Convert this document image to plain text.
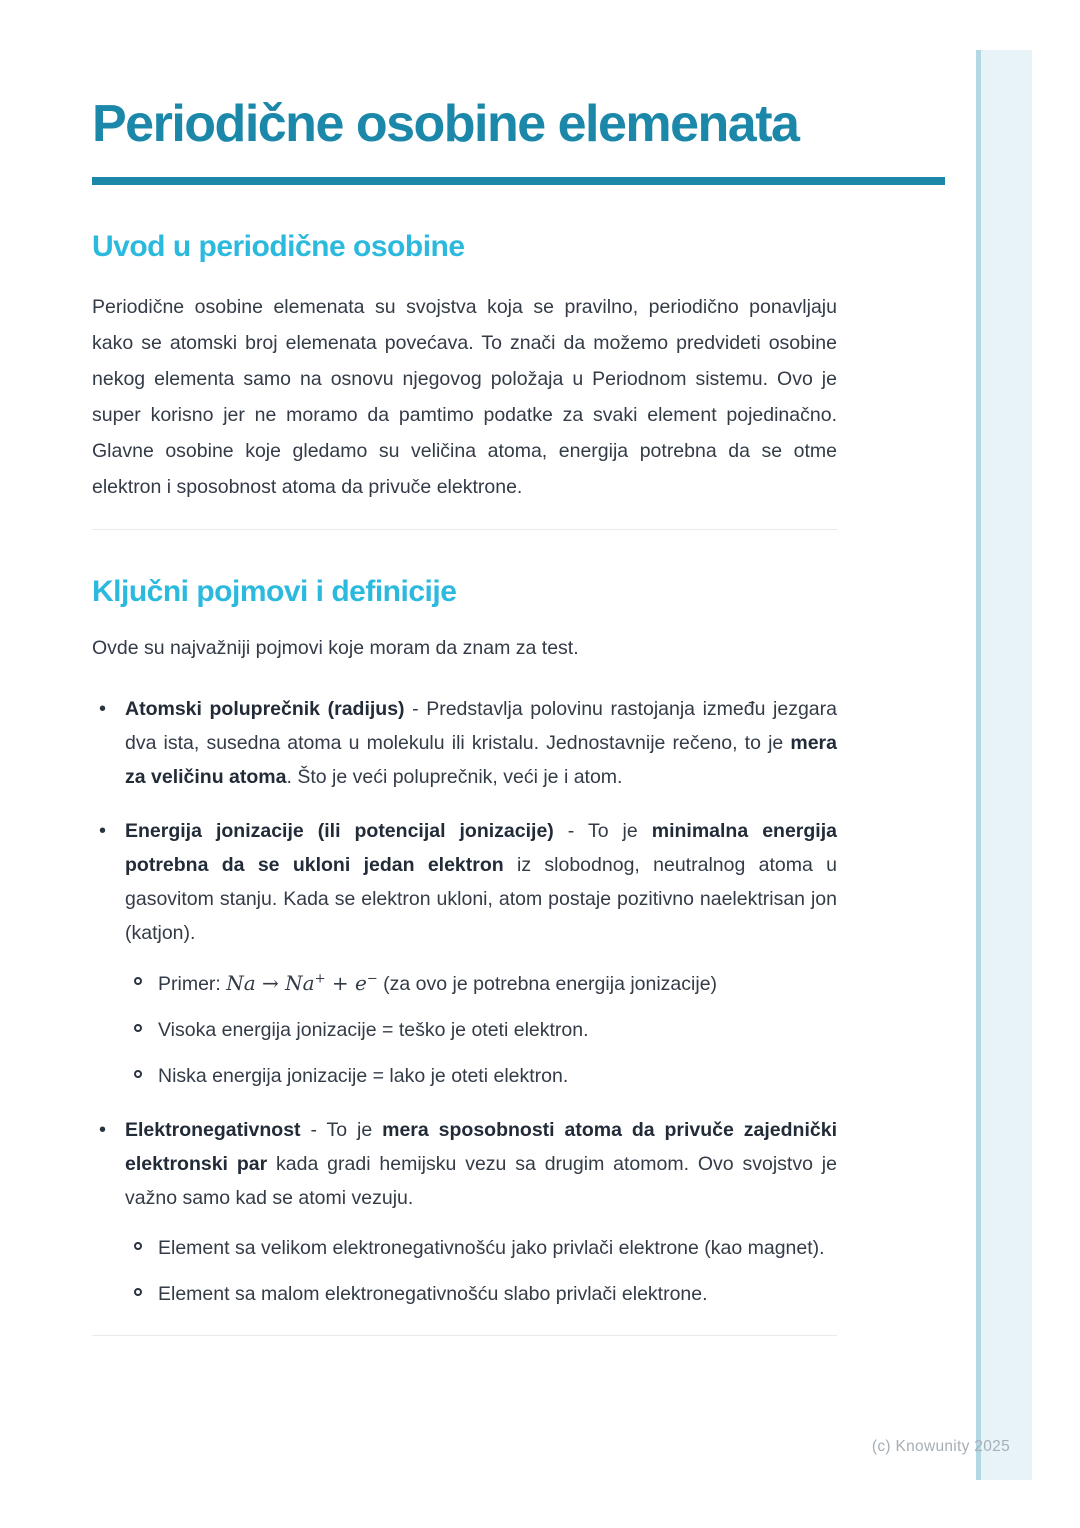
Periodične osobine elemenata
Uvod u periodične osobine

Periodične osobine elemenata su svojstva koja se pravilno, periodično ponavljaju kako se atomski broj elemenata povećava. To znači da možemo predvideti osobine nekog elementa samo na osnovu njegovog položaja u Periodnom sistemu. Ovo je super korisno jer ne moramo da pamtimo podatke za svaki element pojedinačno. Glavne osobine koje gledamo su veličina atoma, energija potrebna da se otme elektron i sposobnost atoma da privuče elektrone.

Ključni pojmovi i definicije

Ovde su najvažniji pojmovi koje moram da znam za test.

• Atomski poluprečnik (radijus) - Predstavlja polovinu rastojanja između jezgara dva ista, susedna atoma u molekulu ili kristalu. Jednostavnije rečeno, to je mera za veličinu atoma. Što je veći poluprečnik, veći je i atom.
• Energija jonizacije (ili potencijal jonizacije) - To je minimalna energija potrebna da se ukloni jedan elektron iz slobodnog, neutralnog atoma u gasovitom stanju. Kada se elektron ukloni, atom postaje pozitivno naelektrisan jon (katjon).
Primer: Na → Na+ + e− (za ovo je potrebna energija jonizacije)
Visoka energija jonizacije = teško je oteti elektron.
Niska energija jonizacije = lako je oteti elektron.
• Elektronegativnost - To je mera sposobnosti atoma da privuče zajednički elektronski par kada gradi hemijsku vezu sa drugim atomom. Ovo svojstvo je važno samo kad se atomi vezuju.
Element sa velikom elektronegativnošću jako privlači elektrone (kao magnet).
Element sa malom elektronegativnošću slabo privlači elektrone.
(c) Knowunity 2025
